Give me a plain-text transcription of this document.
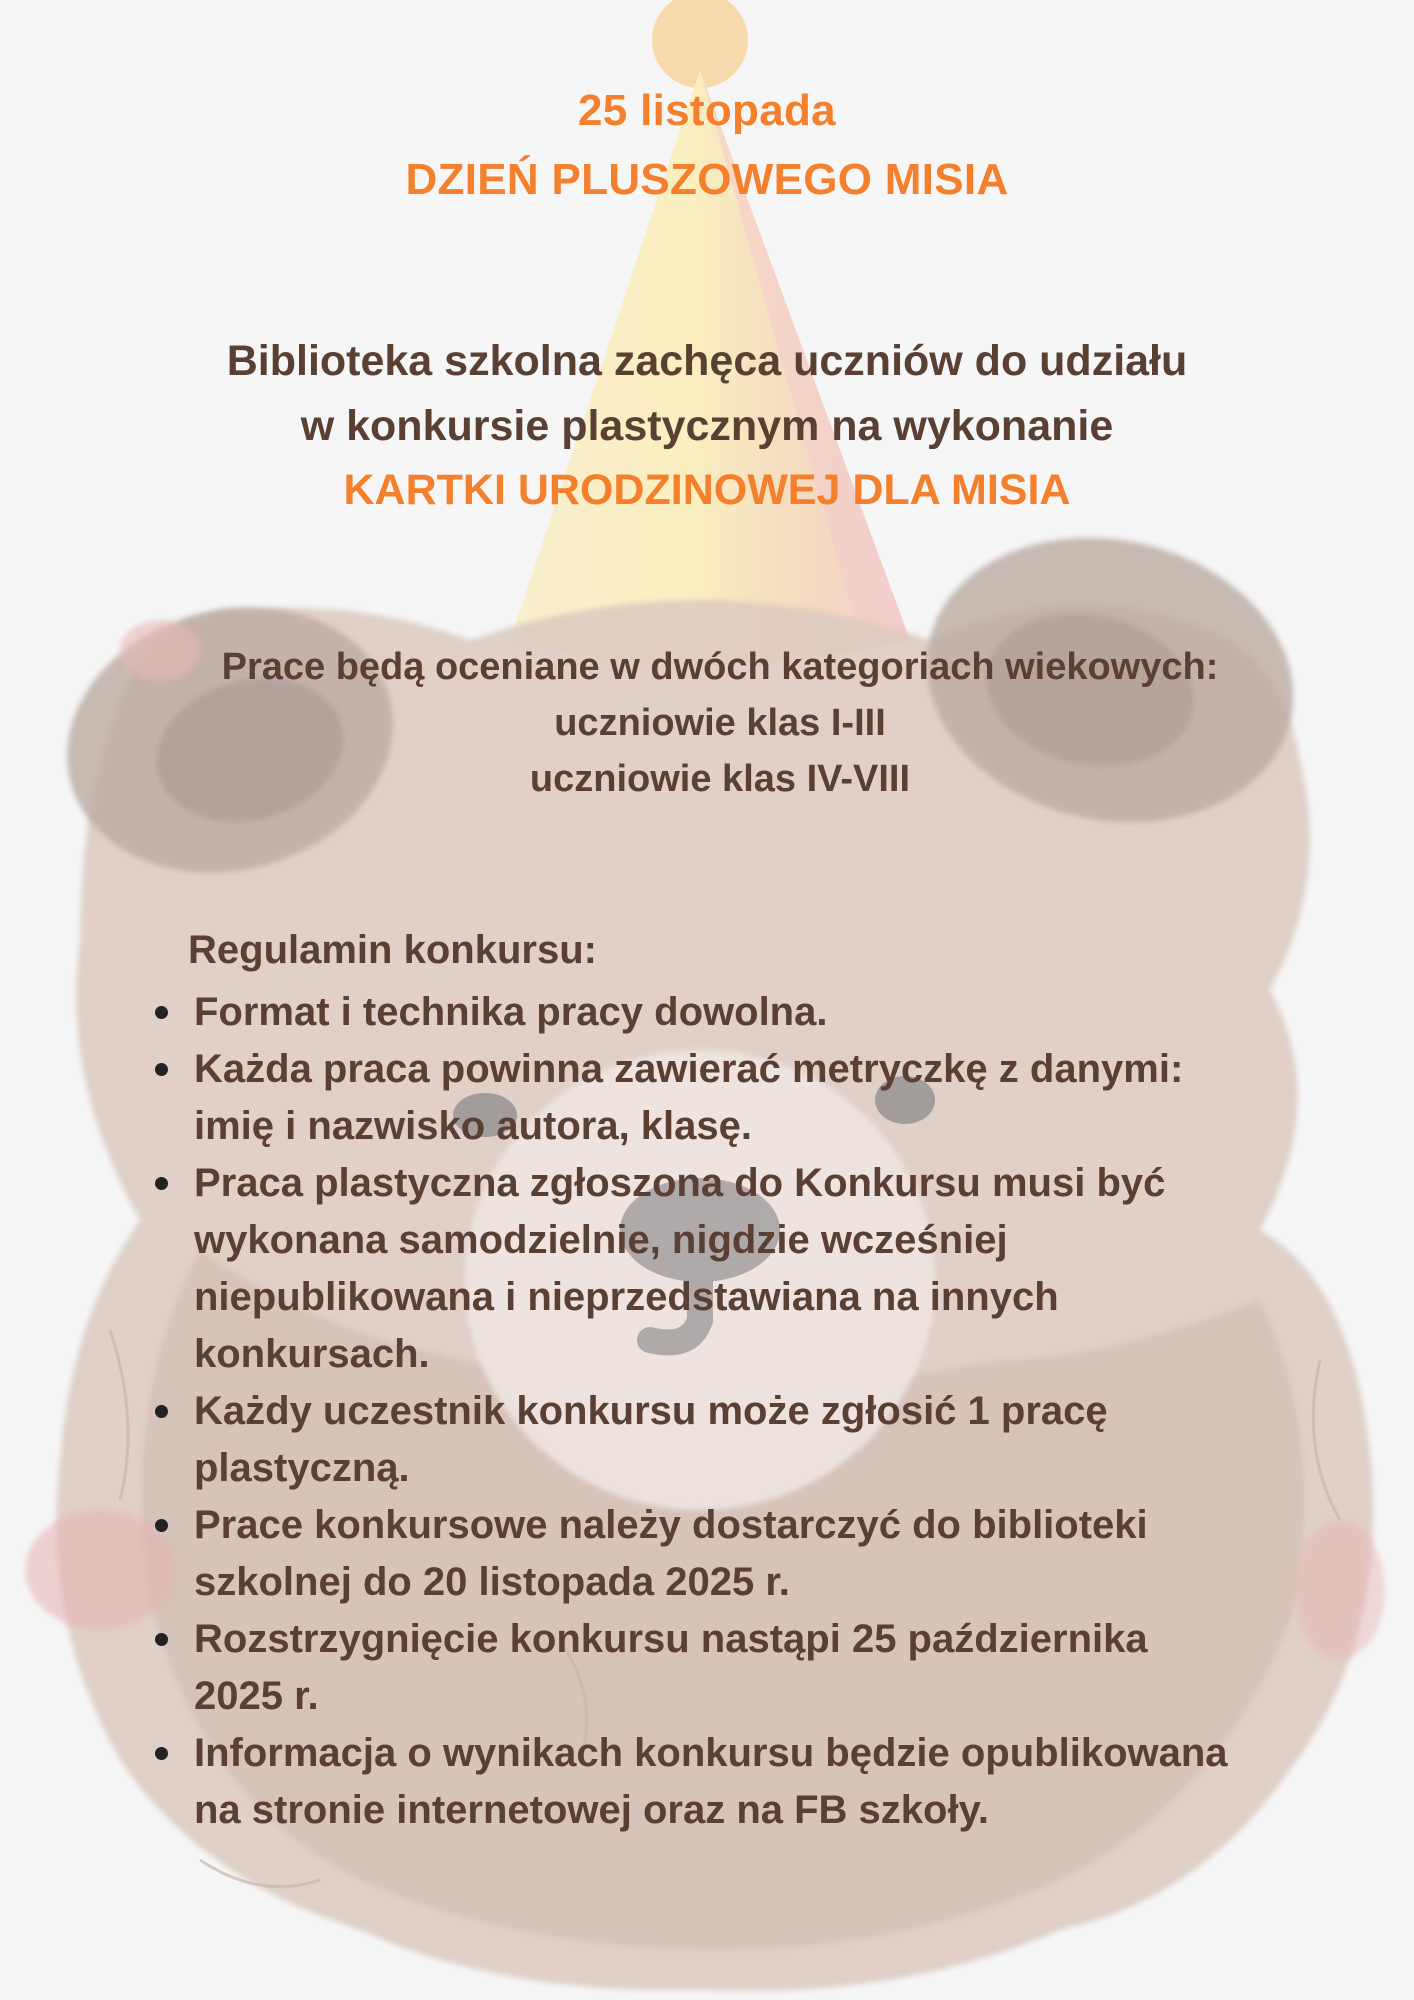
25 listopada
DZIEŃ PLUSZOWEGO MISIA
Biblioteka szkolna zachęca uczniów do udziału
w konkursie plastycznym na wykonanie
KARTKI URODZINOWEJ DLA MISIA
Prace będą oceniane w dwóch kategoriach wiekowych:
uczniowie klas I-III
uczniowie klas IV-VIII
Regulamin konkursu:
Format i technika pracy dowolna.
Każda praca powinna zawierać metryczkę z danymi:
imię i nazwisko autora, klasę.
Praca plastyczna zgłoszona do Konkursu musi być
wykonana samodzielnie, nigdzie wcześniej
niepublikowana i nieprzedstawiana na innych
konkursach.
Każdy uczestnik konkursu może zgłosić 1 pracę
plastyczną.
Prace konkursowe należy dostarczyć do biblioteki
szkolnej do 20 listopada 2025 r.
Rozstrzygnięcie konkursu nastąpi 25 października
2025 r.
Informacja o wynikach konkursu będzie opublikowana
na stronie internetowej oraz na FB szkoły.
